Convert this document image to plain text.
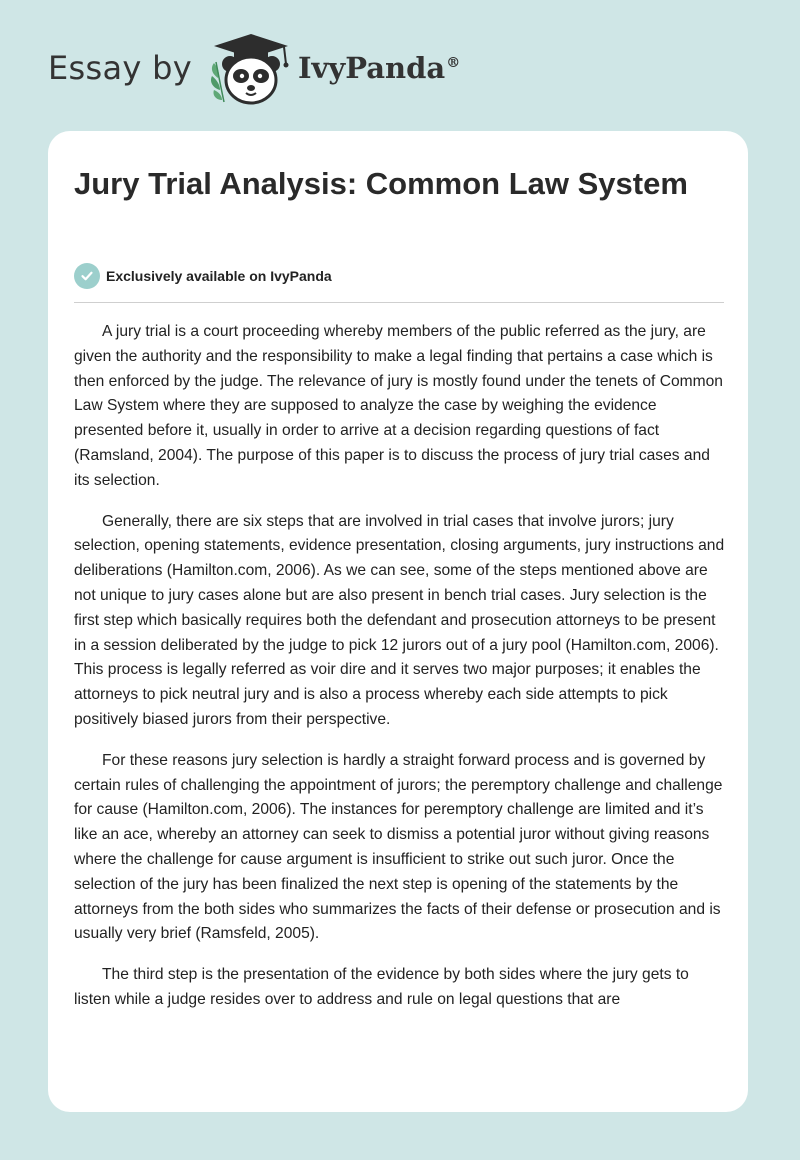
Essay by	IvyPanda®
Jury Trial Analysis: Common Law System
Exclusively available on IvyPanda

A jury trial is a court proceeding whereby members of the public referred as the jury, are given the authority and the responsibility to make a legal finding that pertains a case which is then enforced by the judge. The relevance of jury is mostly found under the tenets of Common Law System where they are supposed to analyze the case by weighing the evidence presented before it, usually in order to arrive at a decision regarding questions of fact (Ramsland, 2004). The purpose of this paper is to discuss the process of jury trial cases and its selection.

Generally, there are six steps that are involved in trial cases that involve jurors; jury selection, opening statements, evidence presentation, closing arguments, jury instructions and deliberations (Hamilton.com, 2006). As we can see, some of the steps mentioned above are not unique to jury cases alone but are also present in bench trial cases. Jury selection is the first step which basically requires both the defendant and prosecution attorneys to be present in a session deliberated by the judge to pick 12 jurors out of a jury pool (Hamilton.com, 2006). This process is legally referred as voir dire and it serves two major purposes; it enables the attorneys to pick neutral jury and is also a process whereby each side attempts to pick positively biased jurors from their perspective.

For these reasons jury selection is hardly a straight forward process and is governed by certain rules of challenging the appointment of jurors; the peremptory challenge and challenge for cause (Hamilton.com, 2006). The instances for peremptory challenge are limited and it’s like an ace, whereby an attorney can seek to dismiss a potential juror without giving reasons where the challenge for cause argument is insufficient to strike out such juror. Once the selection of the jury has been finalized the next step is opening of the statements by the attorneys from the both sides who summarizes the facts of their defense or prosecution and is usually very brief (Ramsfeld, 2005).

The third step is the presentation of the evidence by both sides where the jury gets to listen while a judge resides over to address and rule on legal questions that are
